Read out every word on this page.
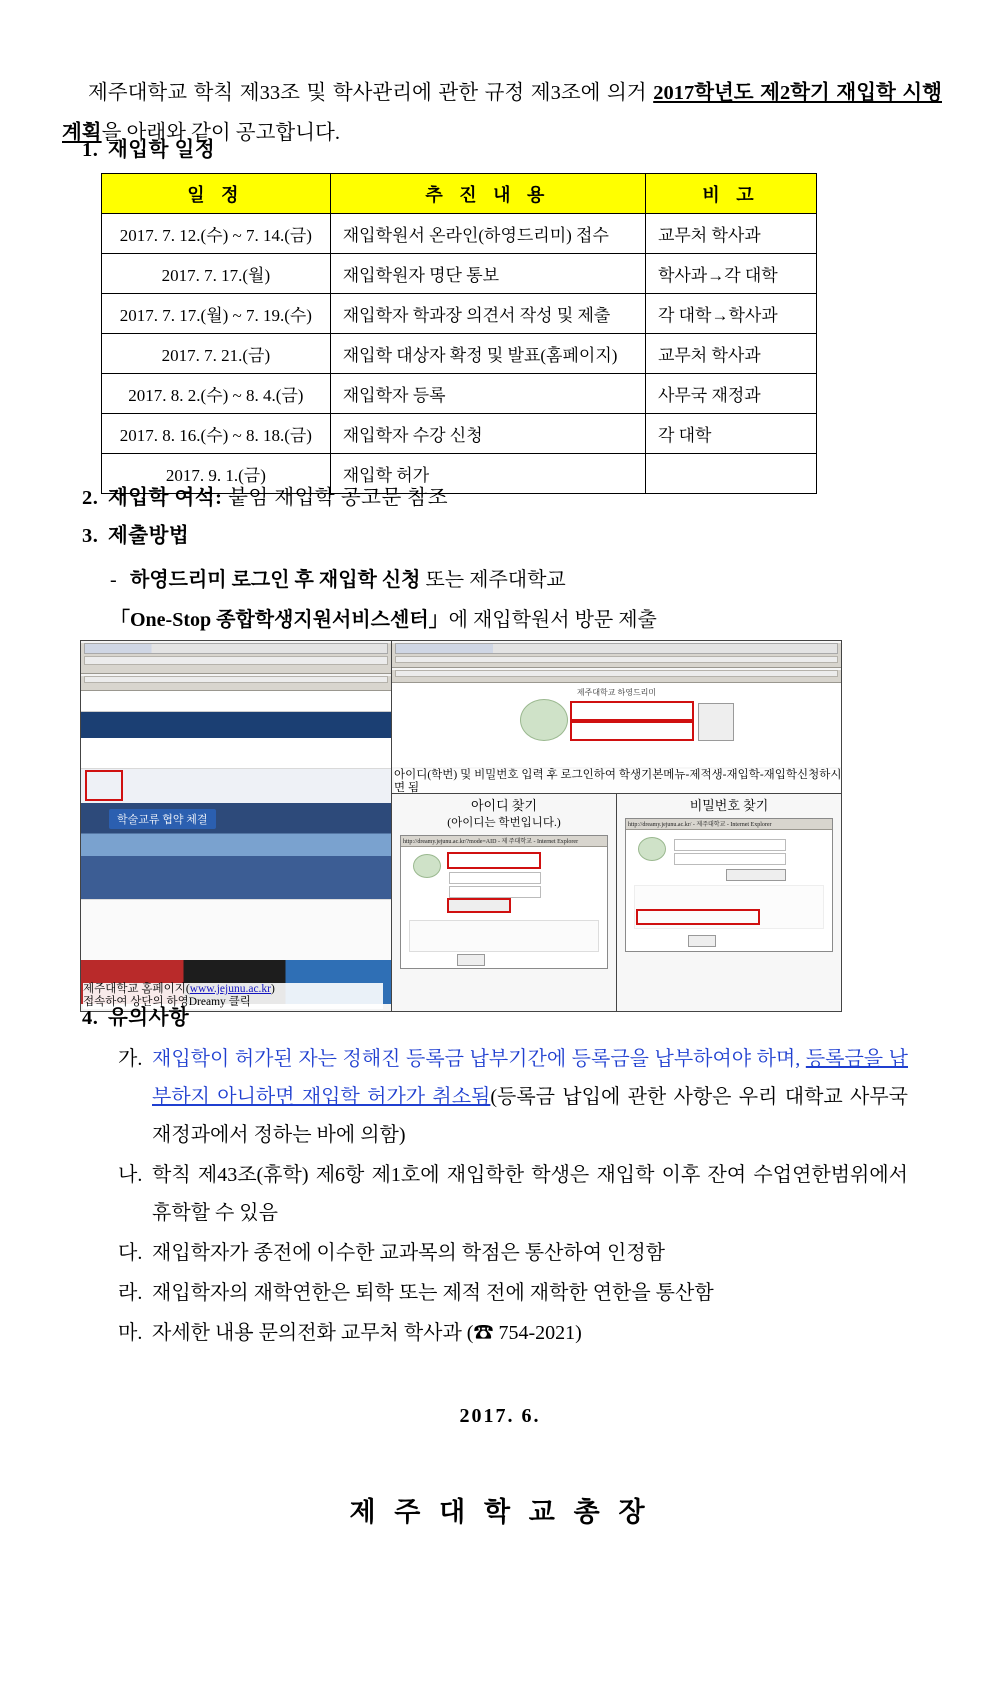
제주대학교 학칙 제33조 및 학사관리에 관한 규정 제3조에 의거 2017학년도 제2학기 재입학 시행 계획을 아래와 같이 공고합니다.

1. 재입학 일정
일 정	추 진 내 용	비 고
2017. 7. 12.(수) ~ 7. 14.(금)	재입학원서 온라인(하영드리미) 접수	교무처 학사과
2017. 7. 17.(월)	재입학원자 명단 통보	학사과→각 대학
2017. 7. 17.(월) ~ 7. 19.(수)	재입학자 학과장 의견서 작성 및 제출	각 대학→학사과
2017. 7. 21.(금)	재입학 대상자 확정 및 발표(홈페이지)	교무처 학사과
2017. 8. 2.(수) ~ 8. 4.(금)	재입학자 등록	사무국 재정과
2017. 8. 16.(수) ~ 8. 18.(금)	재입학자 수강 신청	각 대학
2017. 9. 1.(금)	재입학 허가	
2. 재입학 여석: 붙임 재입학 공고문 참조
3. 제출방법
- 하영드리미 로그인 후 재입학 신청 또는 제주대학교 「One-Stop 종합학생지원서비스센터」에 재입학원서 방문 제출
학술교류 협약 체결
제주대학교 홈페이지(www.jejunu.ac.kr)
접속하여 상단의 하영Dreamy 클릭
제주대학교 하영드리미
아이디(학번) 및 비밀번호 입력 후 로그인하여 학생기본메뉴-제적생-재입학-재입학신청하시면 됨
아이디 찾기
(아이디는 학번입니다.)
http://dreamy.jejunu.ac.kr/?mode=AID - 제 주대학교 - Internet Explorer
비밀번호 찾기
http://dreamy.jejunu.ac.kr/ - 제주대학교 - Internet Explorer
4. 유의사항
가. 재입학이 허가된 자는 정해진 등록금 납부기간에 등록금을 납부하여야 하며, 등록금을 납부하지 아니하면 재입학 허가가 취소됨(등록금 납입에 관한 사항은 우리 대학교 사무국 재정과에서 정하는 바에 의함)
나. 학칙 제43조(휴학) 제6항 제1호에 재입학한 학생은 재입학 이후 잔여 수업연한범위에서 휴학할 수 있음
다. 재입학자가 종전에 이수한 교과목의 학점은 통산하여 인정함
라. 재입학자의 재학연한은 퇴학 또는 제적 전에 재학한 연한을 통산함
마. 자세한 내용 문의전화 교무처 학사과 (☎ 754-2021)
2017. 6.
제 주 대 학 교 총 장
